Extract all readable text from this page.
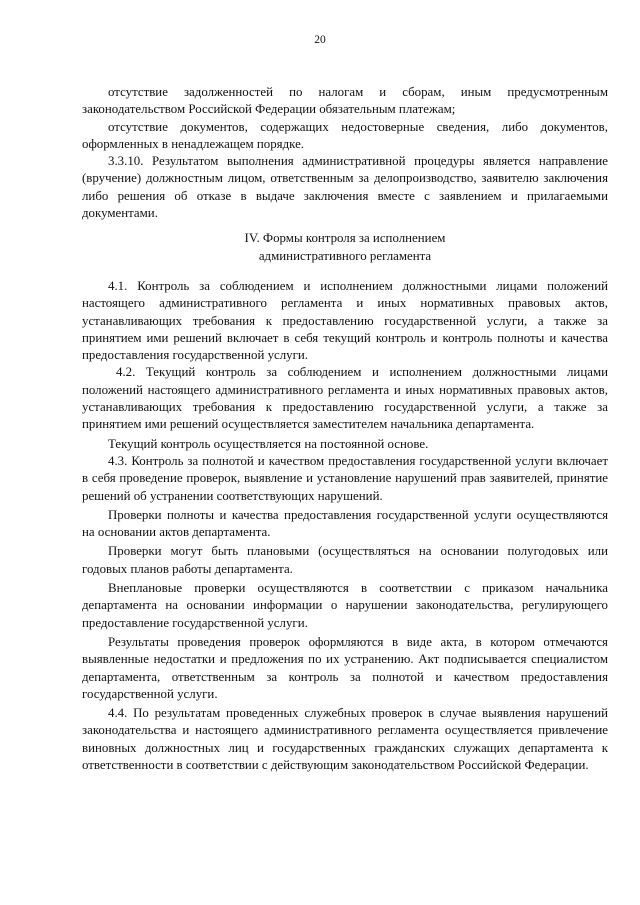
20

отсутствие задолженностей по налогам и сборам, иным предусмотренным законодательством Российской Федерации обязательным платежам;

отсутствие документов, содержащих недостоверные сведения, либо документов, оформленных в ненадлежащем порядке.

3.3.10. Результатом выполнения административной процедуры является направление (вручение) должностным лицом, ответственным за делопроизводство, заявителю заключения либо решения об отказе в выдаче заключения вместе с заявлением и прилагаемыми документами.

IV. Формы контроля за исполнением
административного регламента

4.1. Контроль за соблюдением и исполнением должностными лицами положений настоящего административного регламента и иных нормативных правовых актов, устанавливающих требования к предоставлению государственной услуги, а также за принятием ими решений включает в себя текущий контроль и контроль полноты и качества предоставления государственной услуги.

4.2. Текущий контроль за соблюдением и исполнением должностными лицами положений настоящего административного регламента и иных нормативных правовых актов, устанавливающих требования к предоставлению государственной услуги, а также за принятием ими решений осуществляется заместителем начальника департамента.

Текущий контроль осуществляется на постоянной основе.

4.3. Контроль за полнотой и качеством предоставления государственной услуги включает в себя проведение проверок, выявление и установление нарушений прав заявителей, принятие решений об устранении соответствующих нарушений.

Проверки полноты и качества предоставления государственной услуги осуществляются на основании актов департамента.

Проверки могут быть плановыми (осуществляться на основании полугодовых или годовых планов работы департамента.

Внеплановые проверки осуществляются в соответствии с приказом начальника департамента на основании информации о нарушении законодательства, регулирующего предоставление государственной услуги.

Результаты проведения проверок оформляются в виде акта, в котором отмечаются выявленные недостатки и предложения по их устранению. Акт подписывается специалистом департамента, ответственным за контроль за полнотой и качеством предоставления государственной услуги.

4.4. По результатам проведенных служебных проверок в случае выявления нарушений законодательства и настоящего административного регламента осуществляется привлечение виновных должностных лиц и государственных гражданских служащих департамента к ответственности в соответствии с действующим законодательством Российской Федерации.
